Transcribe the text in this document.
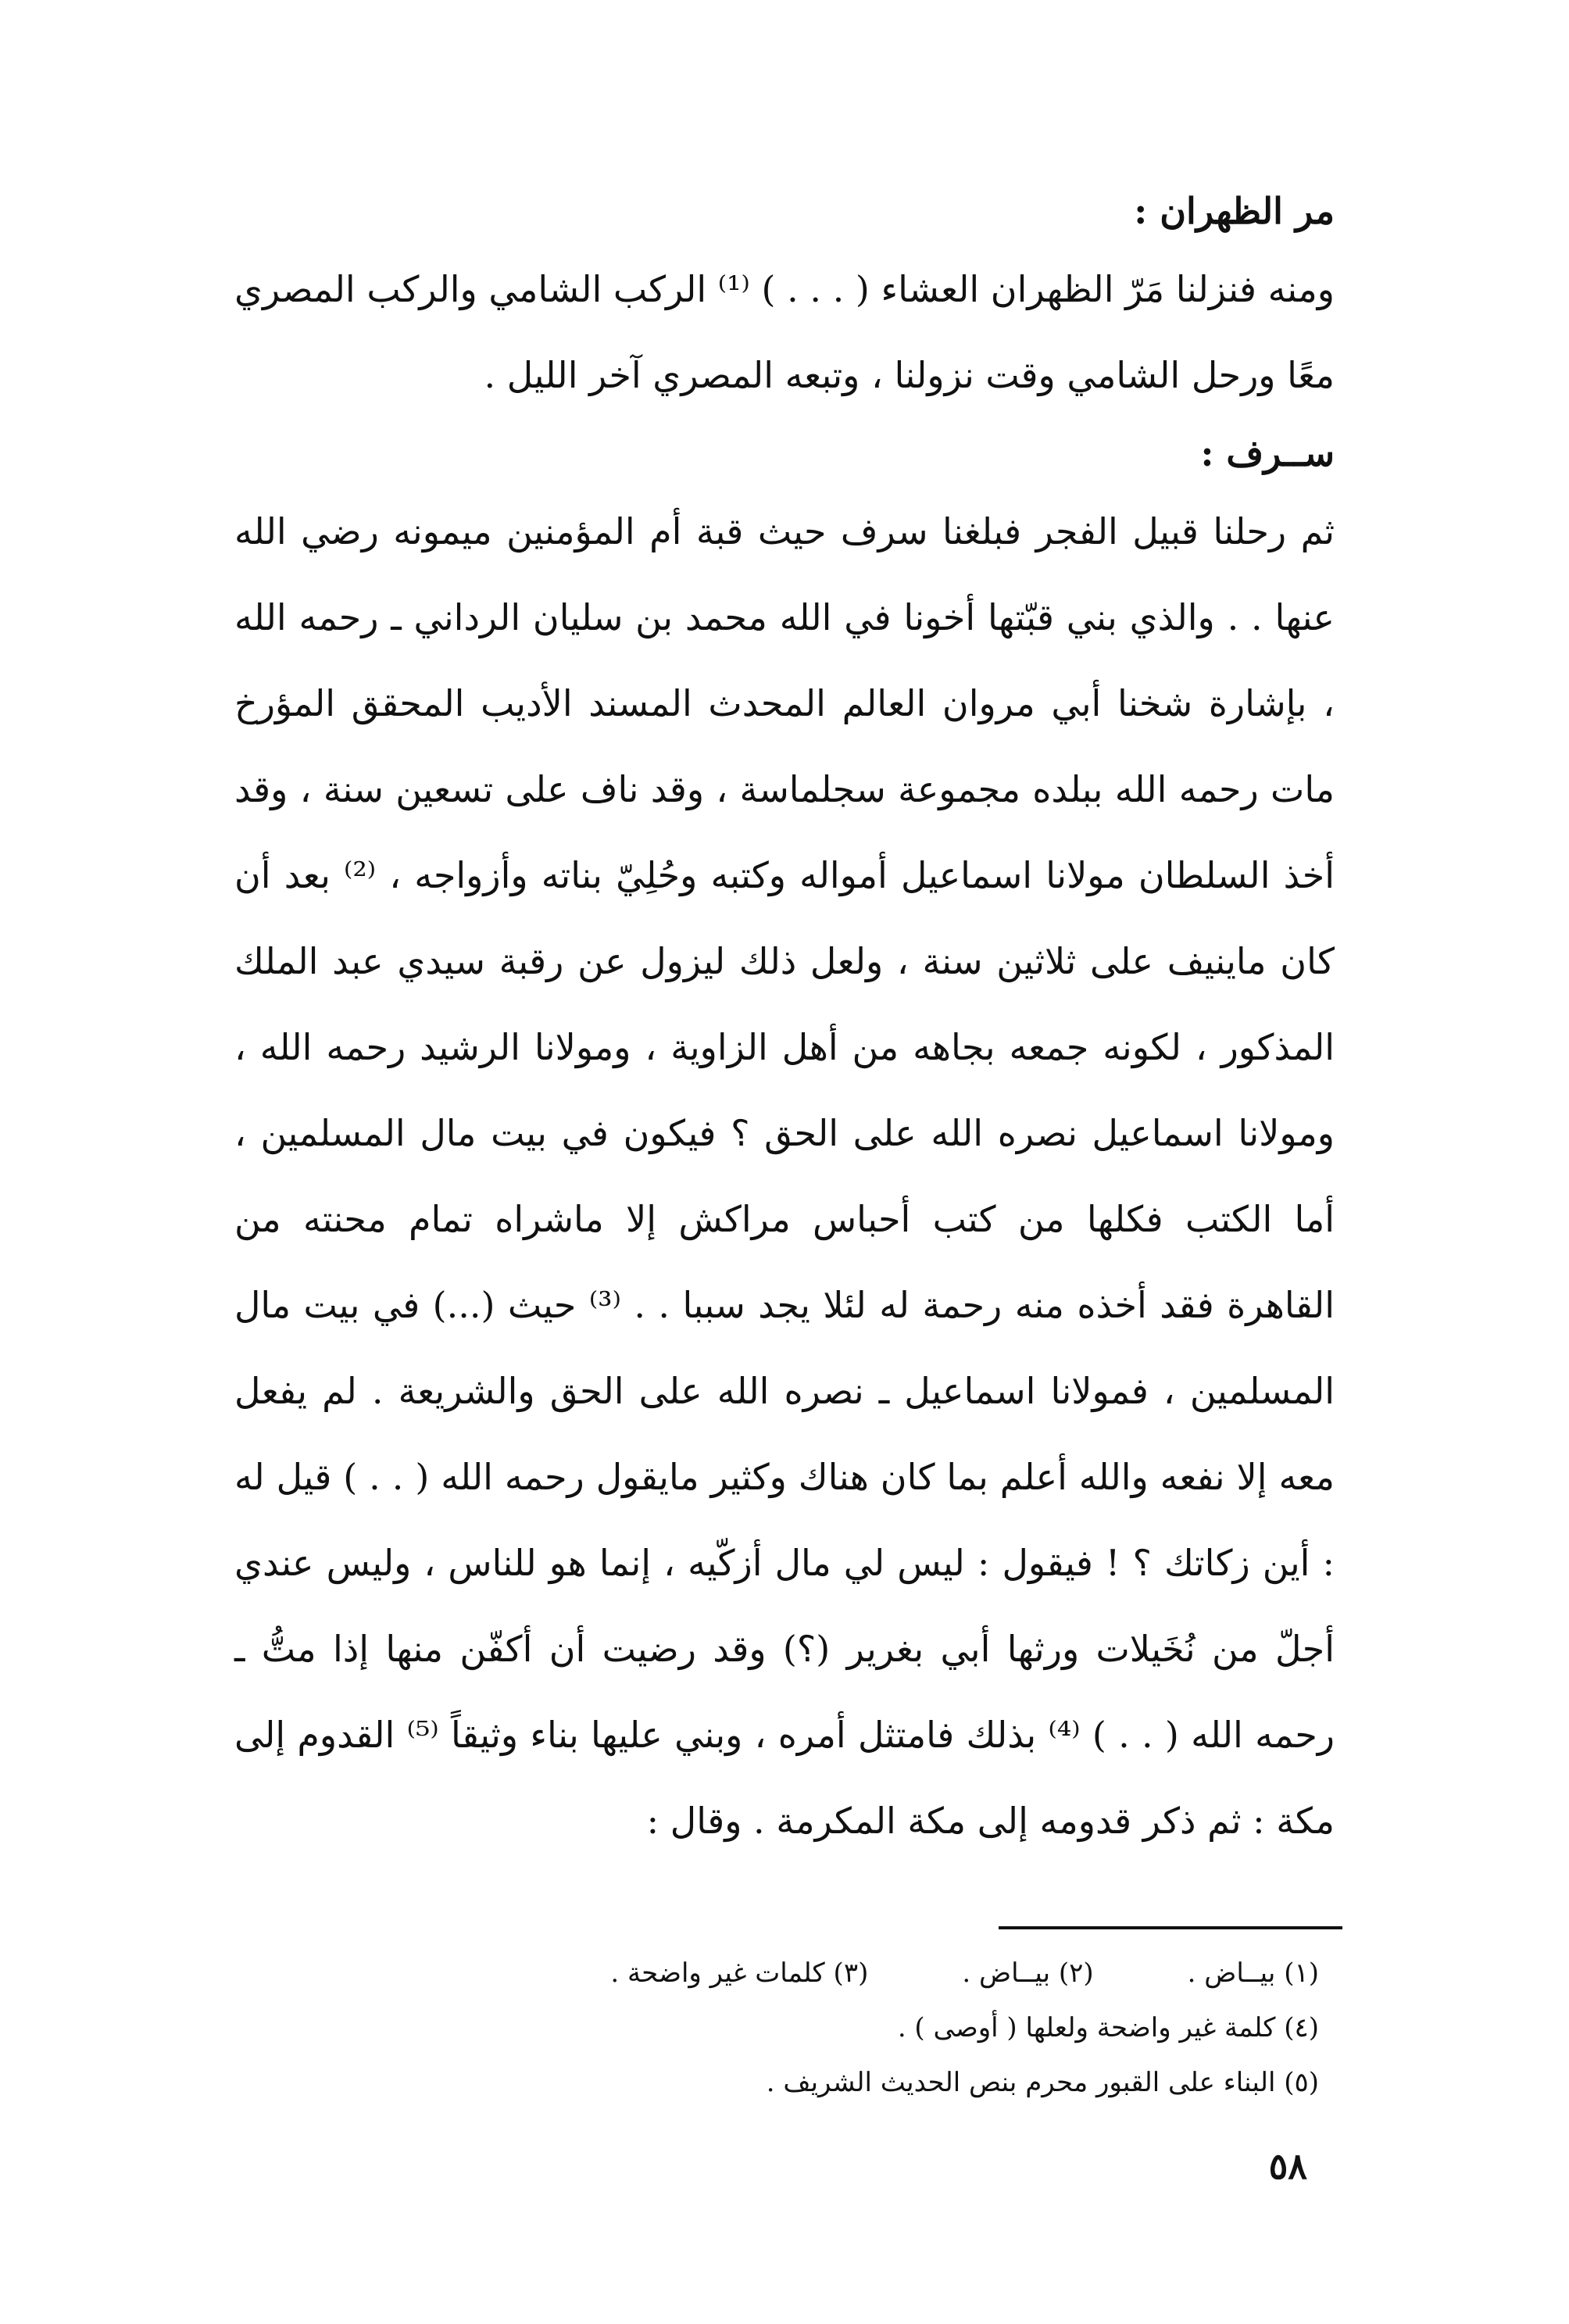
مر الظهران :

ومنه فنزلنا مَرّ الظهران العشاء ( . . . ) ⁽¹⁾ الركب الشامي والركب المصري معًا ورحل الشامي وقت نزولنا ، وتبعه المصري آخر الليل .

ســرف :

ثم رحلنا قبيل الفجر فبلغنا سرف حيث قبة أم المؤمنين ميمونه رضي الله عنها . . والذي بني قبّتها أخونا في الله محمد بن سليان الرداني ـ رحمه الله ، بإشارة شخنا أبي مروان العالم المحدث المسند الأديب المحقق المؤرخ مات رحمه الله ببلده مجموعة سجلماسة ، وقد ناف على تسعين سنة ، وقد أخذ السلطان مولانا اسماعيل أمواله وكتبه وحُلِيّ بناته وأزواجه ، ⁽²⁾ بعد أن كان ماينيف على ثلاثين سنة ، ولعل ذلك ليزول عن رقبة سيدي عبد الملك المذكور ، لكونه جمعه بجاهه من أهل الزاوية ، ومولانا الرشيد رحمه الله ، ومولانا اسماعيل نصره الله على الحق ؟ فيكون في بيت مال المسلمين ، أما الكتب فكلها من كتب أحباس مراكش إلا ماشراه تمام محنته من القاهرة فقد أخذه منه رحمة له لئلا يجد سببا . . ⁽³⁾ حيث (...) في بيت مال المسلمين ، فمولانا اسماعيل ـ نصره الله على الحق والشريعة . لم يفعل معه إلا نفعه والله أعلم بما كان هناك وكثير مايقول رحمه الله ( . . ) قيل له : أين زكاتك ؟ ! فيقول : ليس لي مال أزكّيه ، إنما هو للناس ، وليس عندي أجلّ من نُخَيلات ورثها أبي بغرير (؟) وقد رضيت أن أكفّن منها إذا متُّ ـ رحمه الله ( . . ) ⁽⁴⁾ بذلك فامتثل أمره ، وبني عليها بناء وثيقاً ⁽⁵⁾ القدوم إلى مكة : ثم ذكر قدومه إلى مكة المكرمة . وقال :

(١) بيــاض .
(٢) بيــاض .
(٣) كلمات غير واضحة .
(٤) كلمة غير واضحة ولعلها ( أوصى ) .
(٥) البناء على القبور محرم بنص الحديث الشريف .
٥٨
